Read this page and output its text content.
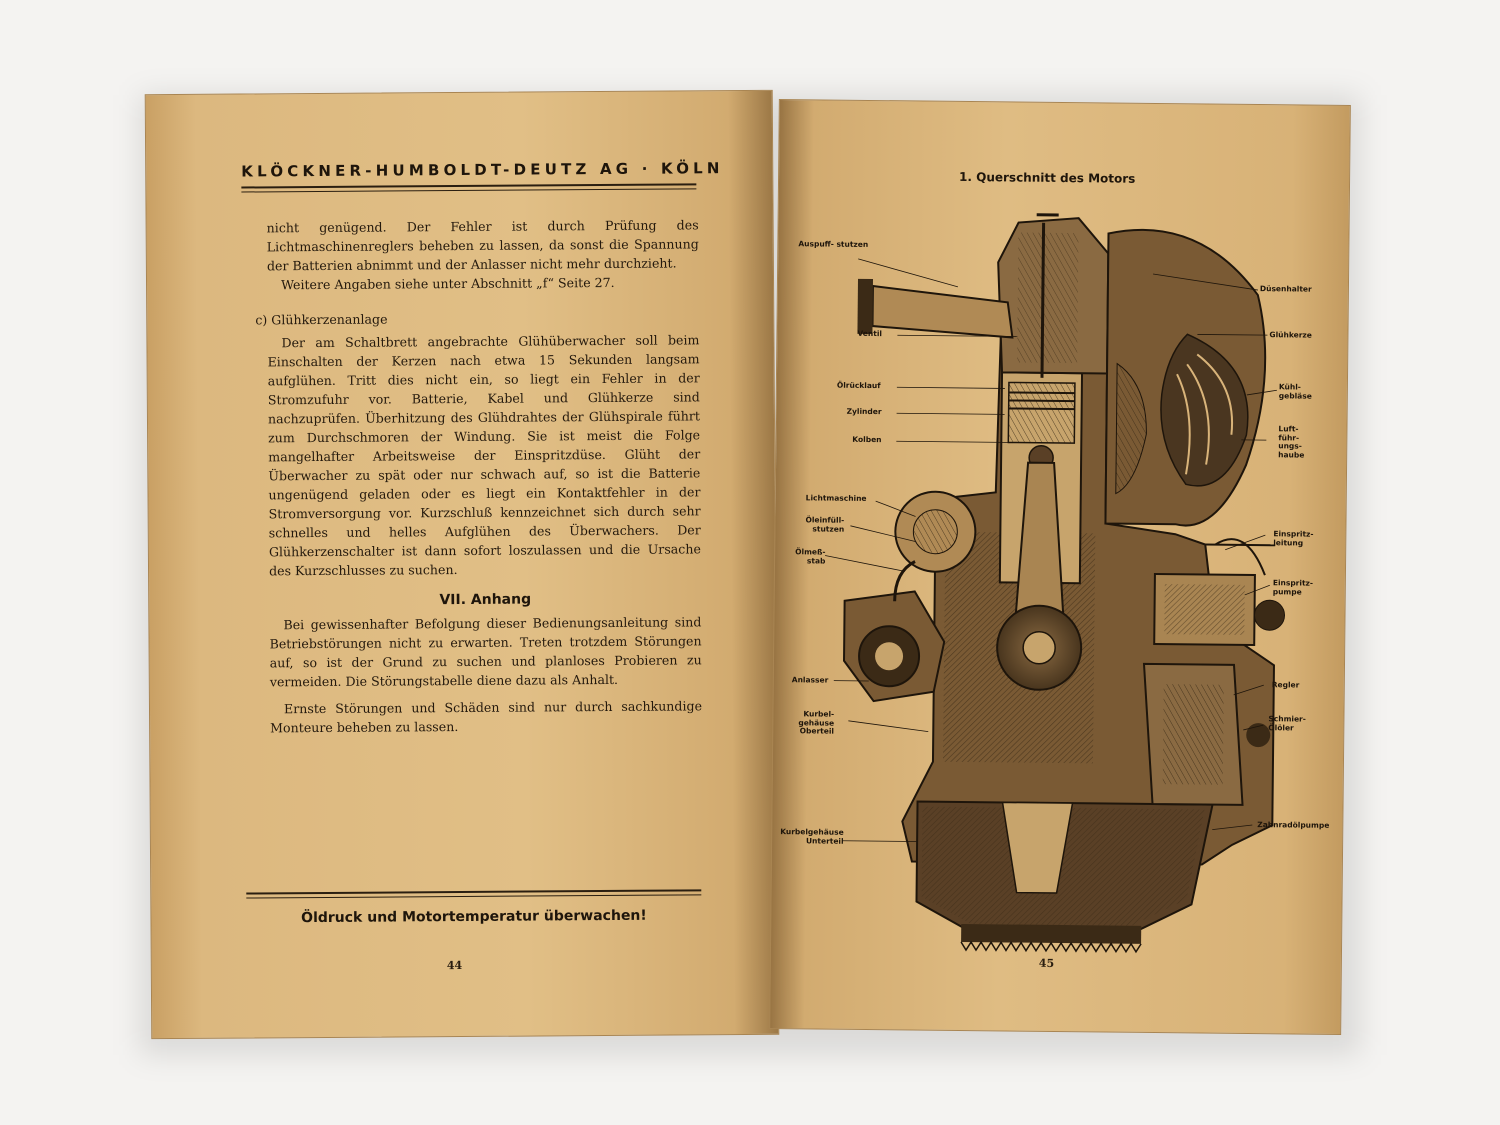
KLÖCKNER-HUMBOLDT-DEUTZ AG · KÖLN

nicht genügend. Der Fehler ist durch Prüfung des Lichtmaschinenreglers beheben zu lassen, da sonst die Spannung der Batterien abnimmt und der Anlasser nicht mehr durchzieht.

Weitere Angaben siehe unter Abschnitt „f“ Seite 27.

c) Glühkerzenanlage

Der am Schaltbrett angebrachte Glühüberwacher soll beim Einschalten der Kerzen nach etwa 15 Sekunden langsam aufglühen. Tritt dies nicht ein, so liegt ein Fehler in der Stromzufuhr vor. Batterie, Kabel und Glühkerze sind nachzuprüfen. Überhitzung des Glühdrahtes der Glühspirale führt zum Durchschmoren der Windung. Sie ist meist die Folge mangelhafter Arbeitsweise der Einspritzdüse. Glüht der Überwacher zu spät oder nur schwach auf, so ist die Batterie ungenügend geladen oder es liegt ein Kontaktfehler in der Stromversorgung vor. Kurzschluß kennzeichnet sich durch sehr schnelles und helles Aufglühen des Überwachers. Der Glühkerzenschalter ist dann sofort loszulassen und die Ursache des Kurzschlusses zu suchen.

VII. Anhang

Bei gewissenhafter Befolgung dieser Bedienungsanleitung sind Betriebstörungen nicht zu erwarten. Treten trotzdem Störungen auf, so ist der Grund zu suchen und planloses Probieren zu vermeiden. Die Störungstabelle diene dazu als Anhalt.

Ernste Störungen und Schäden sind nur durch sachkundige Monteure beheben zu lassen.

Öldruck und Motortemperatur überwachen!
44
1. Querschnitt des Motors
Auspuff- stutzen
Ventil
Ölrücklauf
Zylinder
Kolben
Lichtmaschine
Öleinfüll-
stutzen
Ölmeß-
stab
Anlasser
Kurbel-
gehäuse
Oberteil
Kurbelgehäuse
Unterteil
Düsenhalter
Glühkerze
Kühl-
gebläse
Luft-
führ-
ungs-
haube
Einspritz-
leitung
Einspritz-
pumpe
Regler
Schmier-
Ölöler
Zahnradölpumpe
45
